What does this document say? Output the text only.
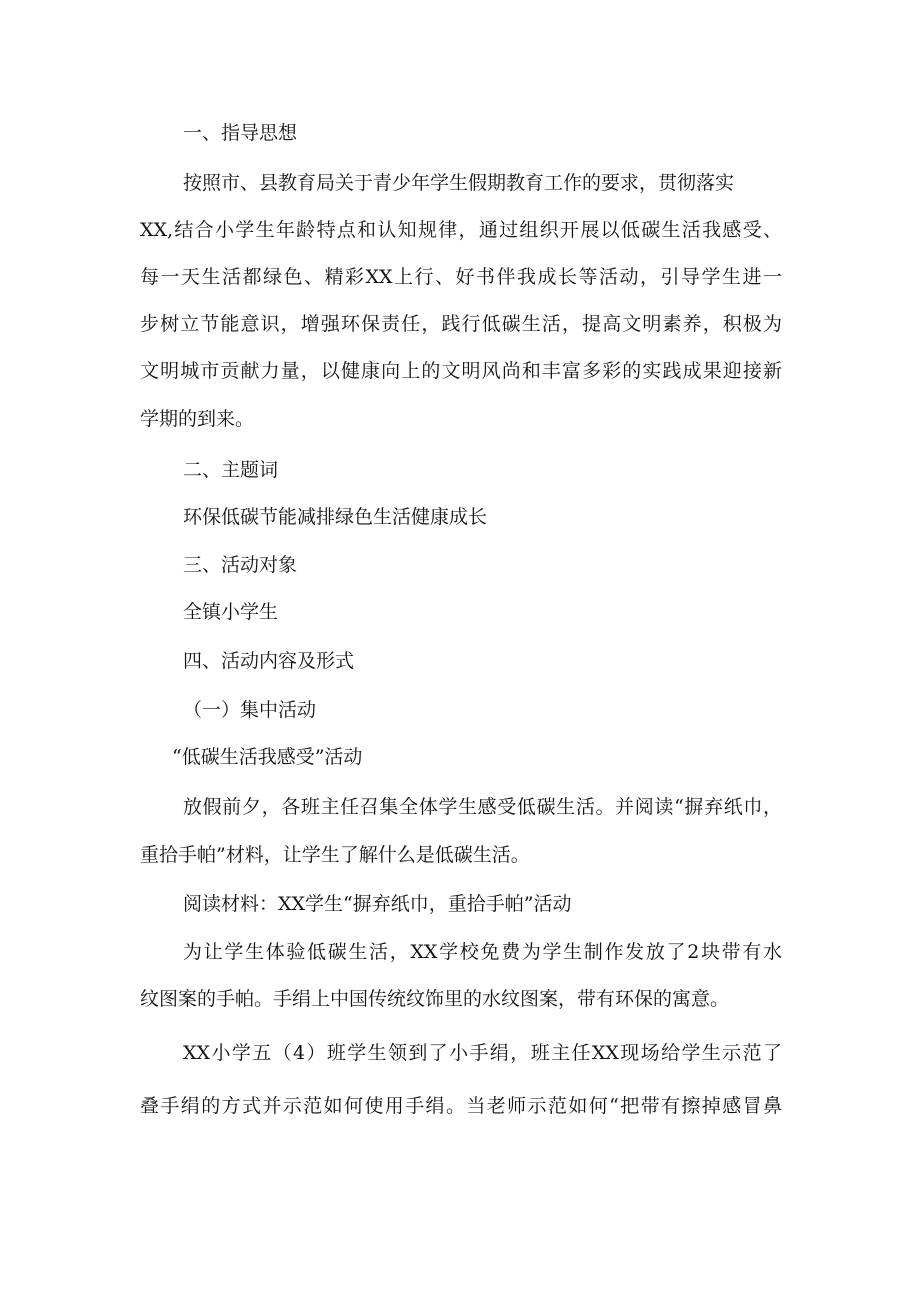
一、指导思想
按照市、县教育局关于青少年学生假期教育工作的要求，贯彻落实
XX,结合小学生年龄特点和认知规律，通过组织开展以低碳生活我感受、
每一天生活都绿色、精彩XX上行、好书伴我成长等活动，引导学生进一
步树立节能意识，增强环保责任，践行低碳生活，提高文明素养，积极为
文明城市贡献力量，以健康向上的文明风尚和丰富多彩的实践成果迎接新
学期的到来。
二、主题词
环保低碳节能减排绿色生活健康成长
三、活动对象
全镇小学生
四、活动内容及形式
（一）集中活动
“低碳生活我感受”活动
放假前夕，各班主任召集全体学生感受低碳生活。并阅读“摒弃纸巾，
重拾手帕”材料，让学生了解什么是低碳生活。
阅读材料：XX学生“摒弃纸巾，重拾手帕”活动
为让学生体验低碳生活，XX学校免费为学生制作发放了2块带有水
纹图案的手帕。手绢上中国传统纹饰里的水纹图案，带有环保的寓意。
XX小学五（4）班学生领到了小手绢，班主任XX现场给学生示范了
叠手绢的方式并示范如何使用手绢。当老师示范如何“把带有擦掉感冒鼻
